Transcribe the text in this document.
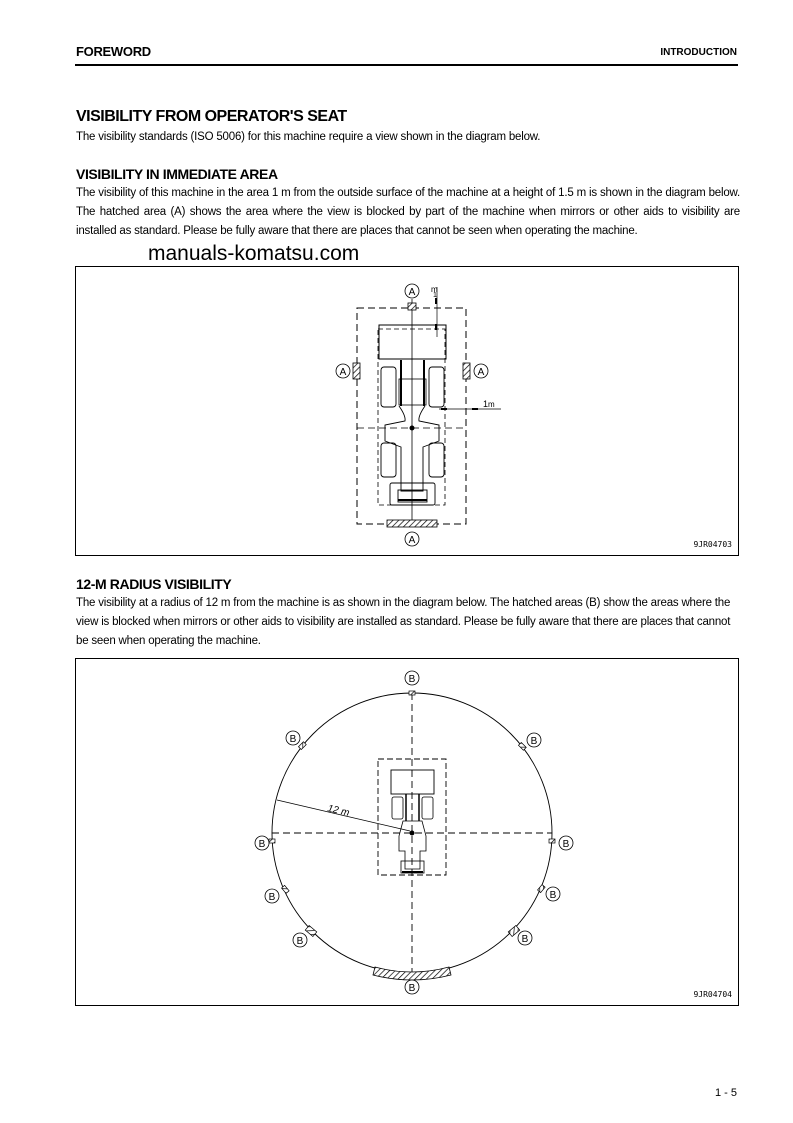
FOREWORD	INTRODUCTION
VISIBILITY FROM OPERATOR'S SEAT
The visibility standards (ISO 5006) for this machine require a view shown in the diagram below.
VISIBILITY IN IMMEDIATE AREA
The visibility of this machine in the area 1 m from the outside surface of the machine at a height of 1.5 m is shown in the diagram below. The hatched area (A) shows the area where the view is blocked by part of the machine when mirrors or other aids to visibility are installed as standard. Please be fully aware that there are places that cannot be seen when operating the machine.
manuals-komatsu.com
m
1
1 m
A
A	A
A	9JR04703
12-M RADIUS VISIBILITY
The visibility at a radius of 12 m from the machine is as shown in the diagram below. The hatched areas (B) show the areas where the view is blocked when mirrors or other aids to visibility are installed as standard. Please be fully aware that there are places that cannot be seen when operating the machine.
12 m
B
B	B
B	B
B	B
B	B
B
9JR04704
1 - 5
